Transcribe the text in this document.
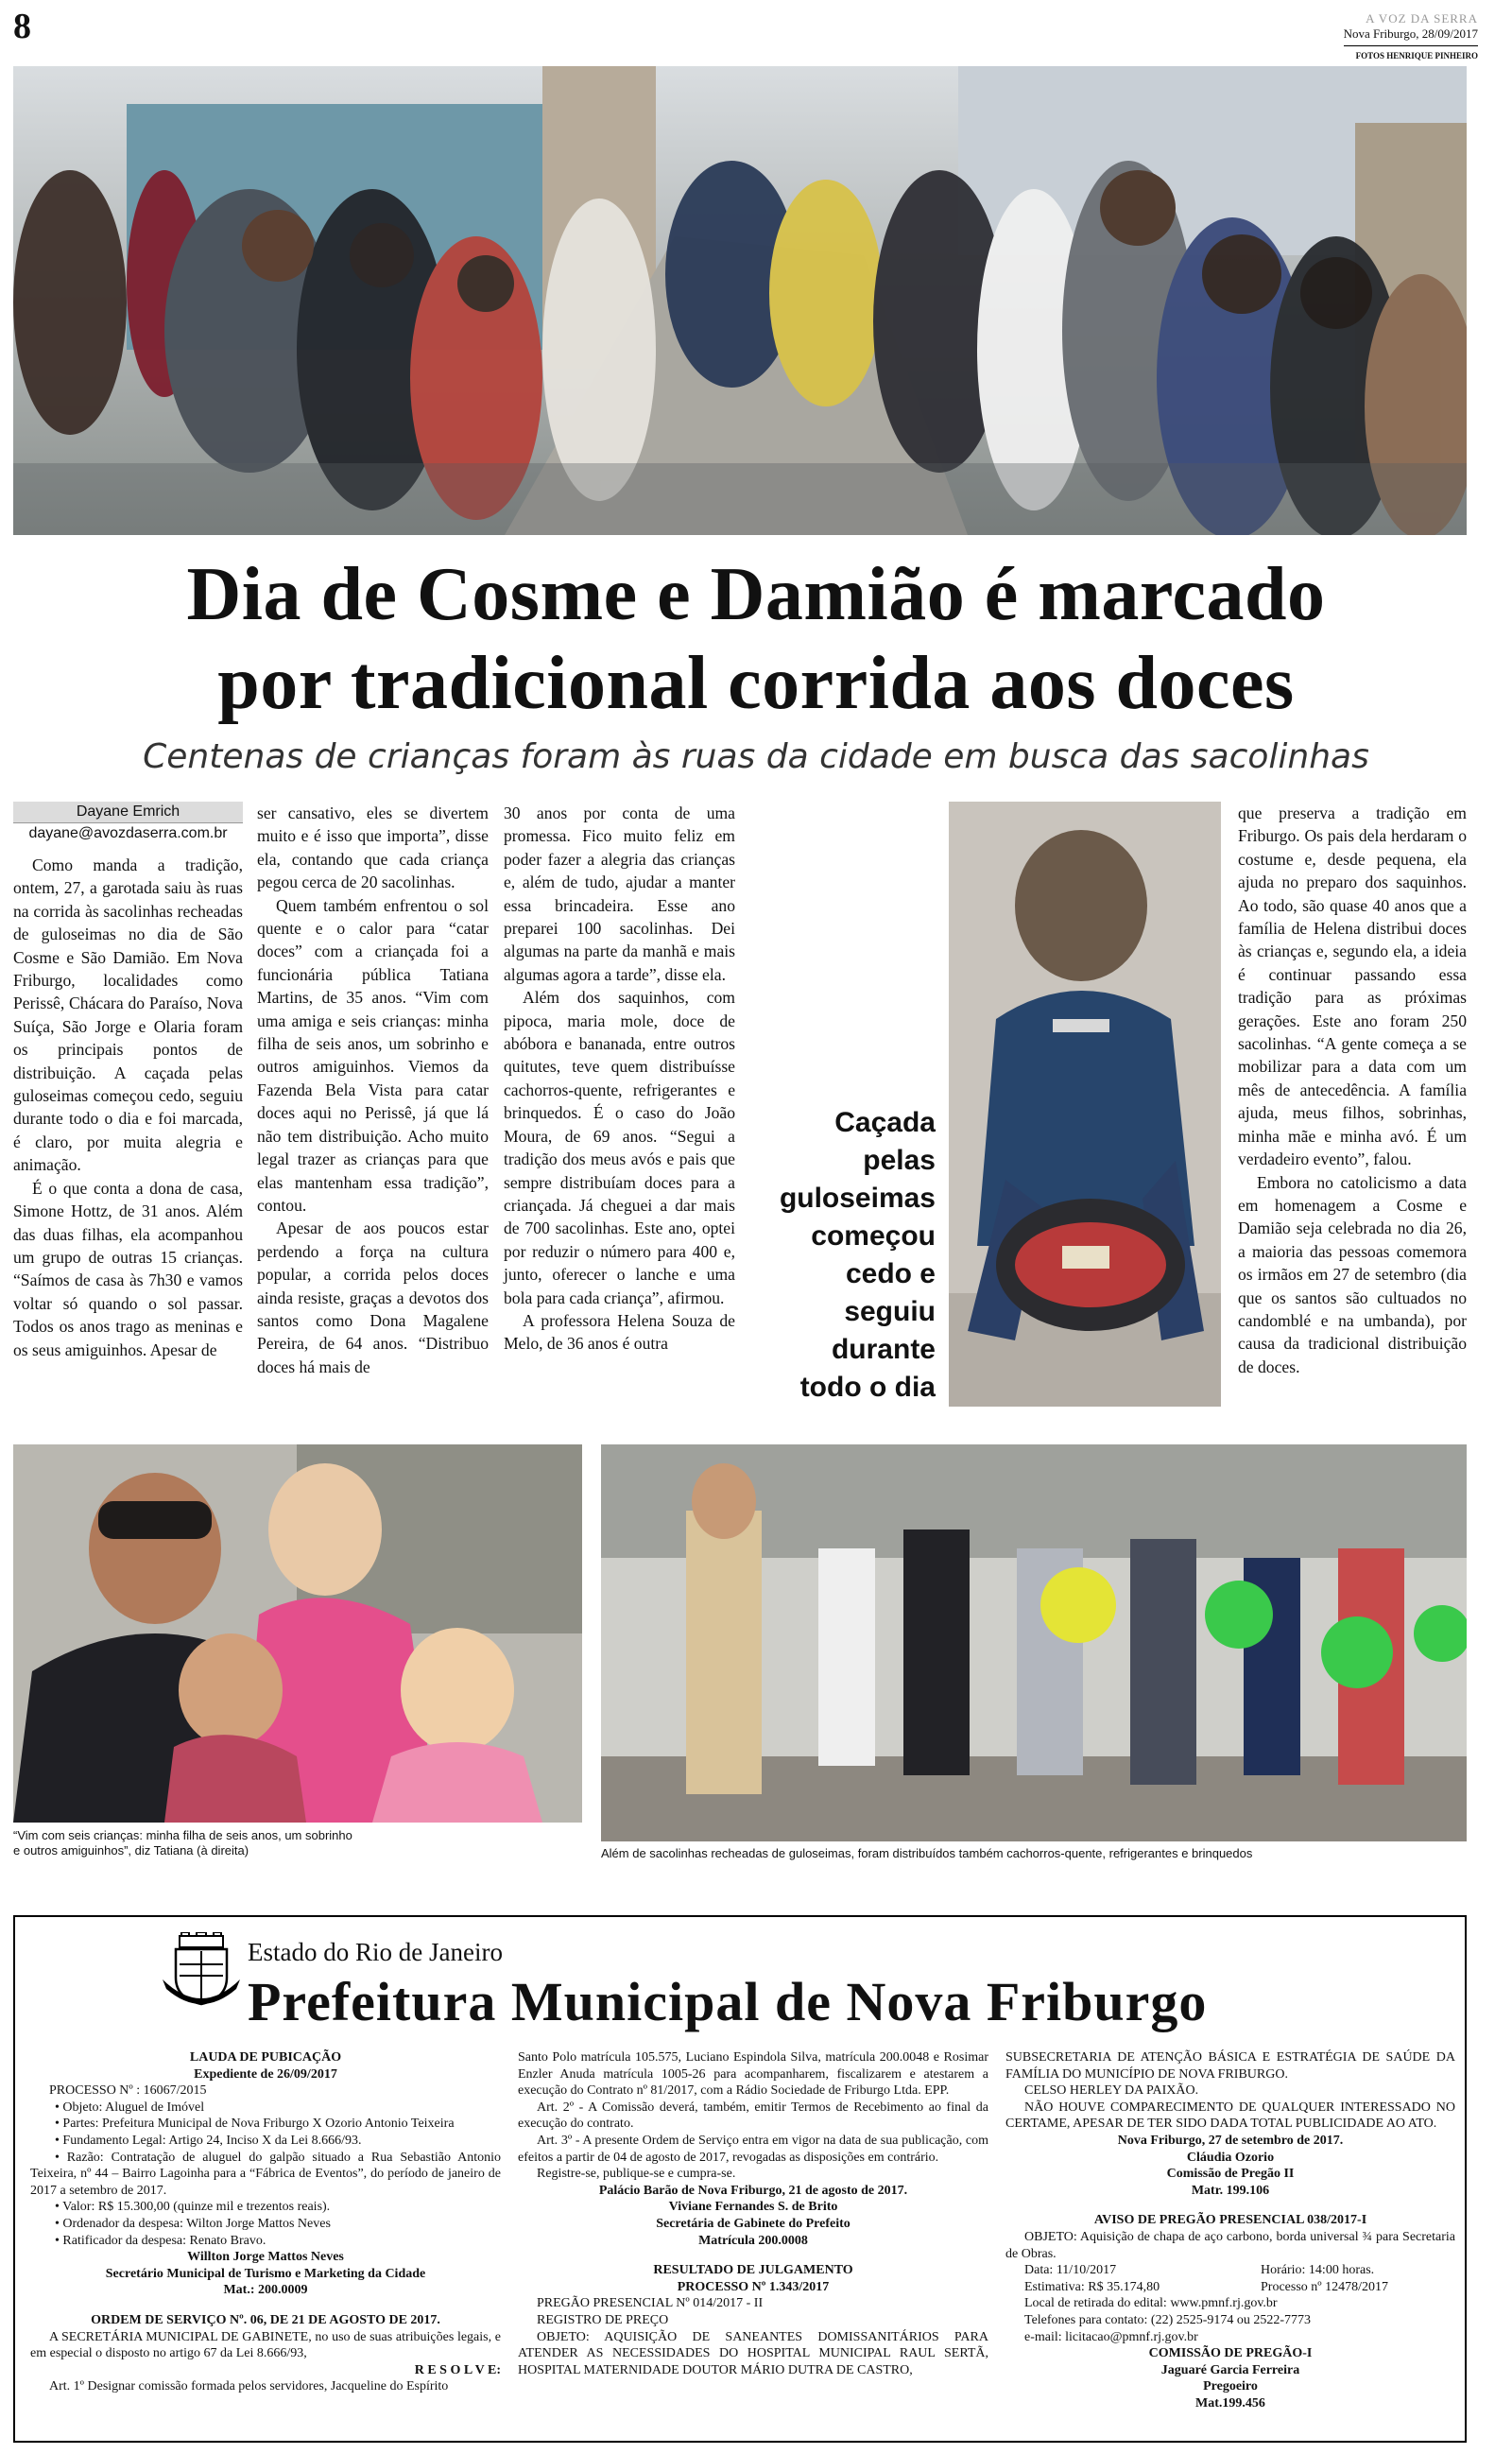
8	A VOZ DA SERRA
Nova Friburgo, 28/09/2017
FOTOS HENRIQUE PINHEIRO
Dia de Cosme e Damião é marcado
por tradicional corrida aos doces
Centenas de crianças foram às ruas da cidade em busca das sacolinhas
Dayane Emrich
dayane@avozdaserra.com.br

Como manda a tradição, ontem, 27, a garotada saiu às ruas na corrida às sacolinhas recheadas de guloseimas no dia de São Cosme e São Damião. Em Nova Friburgo, localidades como Perissê, Chácara do Paraíso, Nova Suíça, São Jorge e Olaria foram os principais pontos de distribuição. A caçada pelas guloseimas começou cedo, seguiu durante todo o dia e foi marcada, é claro, por muita alegria e animação.

É o que conta a dona de casa, Simone Hottz, de 31 anos. Além das duas filhas, ela acompanhou um grupo de outras 15 crianças. “Saímos de casa às 7h30 e vamos voltar só quando o sol passar. Todos os anos trago as meninas e os seus amiguinhos. Apesar de

ser cansativo, eles se divertem muito e é isso que importa”, disse ela, contando que cada criança pegou cerca de 20 sacolinhas.

Quem também enfrentou o sol quente e o calor para “catar doces” com a criançada foi a funcionária pública Tatiana Martins, de 35 anos. “Vim com uma amiga e seis crianças: minha filha de seis anos, um sobrinho e outros amiguinhos. Viemos da Fazenda Bela Vista para catar doces aqui no Perissê, já que lá não tem distribuição. Acho muito legal trazer as crianças para que elas mantenham essa tradição”, contou.

Apesar de aos poucos estar perdendo a força na cultura popular, a corrida pelos doces ainda resiste, graças a devotos dos santos como Dona Magalene Pereira, de 64 anos. “Distribuo doces há mais de

30 anos por conta de uma promessa. Fico muito feliz em poder fazer a alegria das crianças e, além de tudo, ajudar a manter essa brincadeira. Esse ano preparei 100 sacolinhas. Dei algumas na parte da manhã e mais algumas agora a tarde”, disse ela.

Além dos saquinhos, com pipoca, maria mole, doce de abóbora e bananada, entre outros quitutes, teve quem distribuísse cachorros-quente, refrigerantes e brinquedos. É o caso do João Moura, de 69 anos. “Segui a tradição dos meus avós e pais que sempre distribuíam doces para a criançada. Já cheguei a dar mais de 700 sacolinhas. Este ano, optei por reduzir o número para 400 e, junto, oferecer o lanche e uma bola para cada criança”, afirmou.

A professora Helena Souza de Melo, de 36 anos é outra

Caçada
pelas
guloseimas
começou
cedo e
seguiu
durante
todo o dia

que preserva a tradição em Friburgo. Os pais dela herdaram o costume e, desde pequena, ela ajuda no preparo dos saquinhos. Ao todo, são quase 40 anos que a família de Helena distribui doces às crianças e, segundo ela, a ideia é continuar passando essa tradição para as próximas gerações. Este ano foram 250 sacolinhas. “A gente começa a se mobilizar para a data com um mês de antecedência. A família ajuda, meus filhos, sobrinhas, minha mãe e minha avó. É um verdadeiro evento”, falou.

Embora no catolicismo a data em homenagem a Cosme e Damião seja celebrada no dia 26, a maioria das pessoas comemora os irmãos em 27 de setembro (dia que os santos são cultuados no candomblé e na umbanda), por causa da tradicional distribuição de doces.

“Vim com seis crianças: minha filha de seis anos, um sobrinho
e outros amiguinhos”, diz Tatiana (à direita)	Além de sacolinhas recheadas de guloseimas, foram distribuídos também cachorros-quente, refrigerantes e brinquedos
Estado do Rio de Janeiro
Prefeitura Municipal de Nova Friburgo

LAUDA DE PUBICAÇÃO

Expediente de 26/09/2017

PROCESSO Nº : 16067/2015

• Objeto: Aluguel de Imóvel

• Partes: Prefeitura Municipal de Nova Friburgo X Ozorio Antonio Teixeira

• Fundamento Legal: Artigo 24, Inciso X da Lei 8.666/93.

• Razão: Contratação de aluguel do galpão situado a Rua Sebastião Antonio Teixeira, nº 44 – Bairro Lagoinha para a “Fábrica de Eventos”, do período de janeiro de 2017 a setembro de 2017.

• Valor: R$ 15.300,00 (quinze mil e trezentos reais).

• Ordenador da despesa: Wilton Jorge Mattos Neves

• Ratificador da despesa: Renato Bravo.

Willton Jorge Mattos Neves

Secretário Municipal de Turismo e Marketing da Cidade

Mat.: 200.0009

ORDEM DE SERVIÇO Nº. 06, DE 21 DE AGOSTO DE 2017.

A SECRETÁRIA MUNICIPAL DE GABINETE, no uso de suas atribuições legais, e em especial o disposto no artigo 67 da Lei 8.666/93,

R E S O L V E:

Art. 1º Designar comissão formada pelos servidores, Jacqueline do Espírito

Santo Polo matrícula 105.575, Luciano Espindola Silva, matrícula 200.0048 e Rosimar Enzler Anuda matrícula 1005-26 para acompanharem, fiscalizarem e atestarem a execução do Contrato nº 81/2017, com a Rádio Sociedade de Friburgo Ltda. EPP.

Art. 2º - A Comissão deverá, também, emitir Termos de Recebimento ao final da execução do contrato.

Art. 3º - A presente Ordem de Serviço entra em vigor na data de sua publicação, com efeitos a partir de 04 de agosto de 2017, revogadas as disposições em contrário.

Registre-se, publique-se e cumpra-se.

Palácio Barão de Nova Friburgo, 21 de agosto de 2017.

Viviane Fernandes S. de Brito

Secretária de Gabinete do Prefeito

Matrícula 200.0008

RESULTADO DE JULGAMENTO

PROCESSO Nº 1.343/2017

PREGÃO PRESENCIAL Nº 014/2017 - II

REGISTRO DE PREÇO

OBJETO: AQUISIÇÃO DE SANEANTES DOMISSANITÁRIOS PARA ATENDER AS NECESSIDADES DO HOSPITAL MUNICIPAL RAUL SERTÃ, HOSPITAL MATERNIDADE DOUTOR MÁRIO DUTRA DE CASTRO,

SUBSECRETARIA DE ATENÇÃO BÁSICA E ESTRATÉGIA DE SAÚDE DA FAMÍLIA DO MUNICÍPIO DE NOVA FRIBURGO.

CELSO HERLEY DA PAIXÃO.

NÃO HOUVE COMPARECIMENTO DE QUALQUER INTERESSADO NO CERTAME, APESAR DE TER SIDO DADA TOTAL PUBLICIDADE AO ATO.

Nova Friburgo, 27 de setembro de 2017.

Cláudia Ozorio

Comissão de Pregão II

Matr. 199.106

AVISO DE PREGÃO PRESENCIAL 038/2017-I

OBJETO: Aquisição de chapa de aço carbono, borda universal ¾ para Secretaria de Obras.

Data: 11/10/2017	Horário: 14:00 horas.

Estimativa: R$ 35.174,80	Processo nº 12478/2017

Local de retirada do edital: www.pmnf.rj.gov.br

Telefones para contato: (22) 2525-9174 ou 2522-7773

e-mail: licitacao@pmnf.rj.gov.br

COMISSÃO DE PREGÃO-I

Jaguaré Garcia Ferreira

Pregoeiro

Mat.199.456
